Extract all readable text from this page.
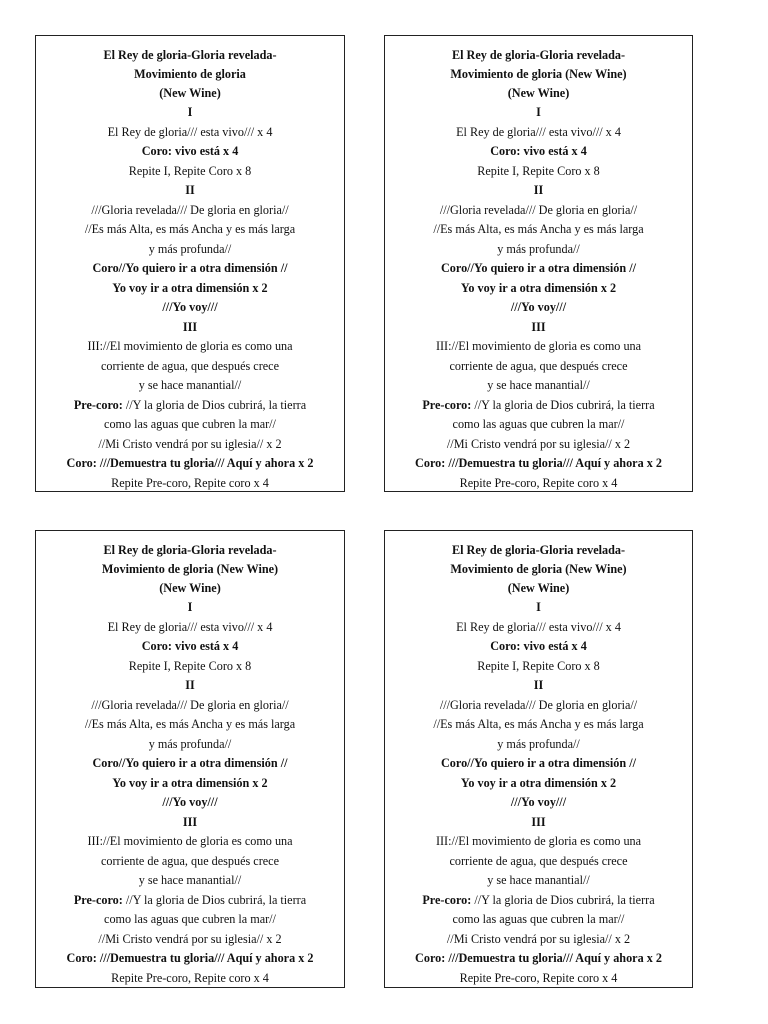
El Rey de gloria-Gloria revelada-
Movimiento de gloria
(New Wine)
I
El Rey de gloria/// esta vivo/// x 4
Coro: vivo está x 4
Repite I, Repite Coro x 8
II
///Gloria revelada/// De gloria en gloria//
//Es más Alta, es más Ancha y es más larga
y más profunda//
Coro//Yo quiero ir a otra dimensión //
Yo voy ir a otra dimensión x 2
///Yo voy///
III
III://El movimiento de gloria es como una
corriente de agua, que después crece
y se hace manantial//
Pre-coro: //Y la gloria de Dios cubrirá, la tierra
como las aguas que cubren la mar//
//Mi Cristo vendrá por su iglesia// x 2
Coro: ///Demuestra tu gloria/// Aquí y ahora x 2
Repite Pre-coro, Repite coro x 4
El Rey de gloria-Gloria revelada-
Movimiento de gloria (New Wine)
(New Wine)
I
El Rey de gloria/// esta vivo/// x 4
Coro: vivo está x 4
Repite I, Repite Coro x 8
II
///Gloria revelada/// De gloria en gloria//
//Es más Alta, es más Ancha y es más larga
y más profunda//
Coro//Yo quiero ir a otra dimensión //
Yo voy ir a otra dimensión x 2
///Yo voy///
III
III://El movimiento de gloria es como una
corriente de agua, que después crece
y se hace manantial//
Pre-coro: //Y la gloria de Dios cubrirá, la tierra
como las aguas que cubren la mar//
//Mi Cristo vendrá por su iglesia// x 2
Coro: ///Demuestra tu gloria/// Aquí y ahora x 2
Repite Pre-coro, Repite coro x 4
El Rey de gloria-Gloria revelada-
Movimiento de gloria (New Wine)
(New Wine)
I
El Rey de gloria/// esta vivo/// x 4
Coro: vivo está x 4
Repite I, Repite Coro x 8
II
///Gloria revelada/// De gloria en gloria//
//Es más Alta, es más Ancha y es más larga
y más profunda//
Coro//Yo quiero ir a otra dimensión //
Yo voy ir a otra dimensión x 2
///Yo voy///
III
III://El movimiento de gloria es como una
corriente de agua, que después crece
y se hace manantial//
Pre-coro: //Y la gloria de Dios cubrirá, la tierra
como las aguas que cubren la mar//
//Mi Cristo vendrá por su iglesia// x 2
Coro: ///Demuestra tu gloria/// Aquí y ahora x 2
Repite Pre-coro, Repite coro x 4
El Rey de gloria-Gloria revelada-
Movimiento de gloria (New Wine)
(New Wine)
I
El Rey de gloria/// esta vivo/// x 4
Coro: vivo está x 4
Repite I, Repite Coro x 8
II
///Gloria revelada/// De gloria en gloria//
//Es más Alta, es más Ancha y es más larga
y más profunda//
Coro//Yo quiero ir a otra dimensión //
Yo voy ir a otra dimensión x 2
///Yo voy///
III
III://El movimiento de gloria es como una
corriente de agua, que después crece
y se hace manantial//
Pre-coro: //Y la gloria de Dios cubrirá, la tierra
como las aguas que cubren la mar//
//Mi Cristo vendrá por su iglesia// x 2
Coro: ///Demuestra tu gloria/// Aquí y ahora x 2
Repite Pre-coro, Repite coro x 4
